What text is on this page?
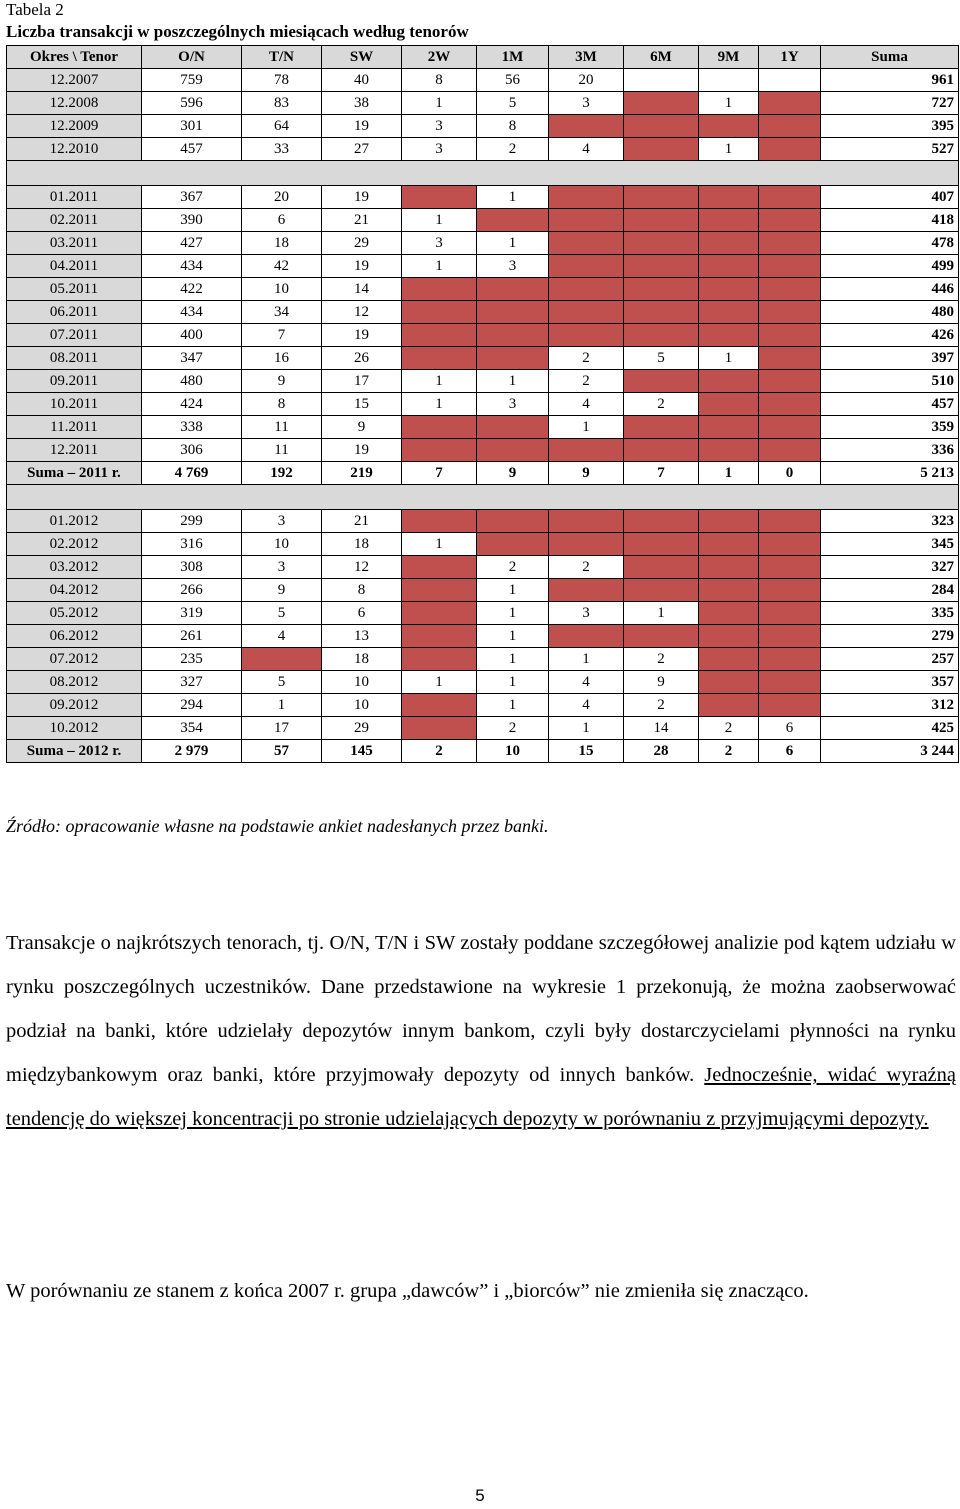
Tabela 2
Liczba transakcji w poszczególnych miesiącach według tenorów
Okres \ Tenor	O/N	T/N	SW	2W	1M	3M	6M	9M	1Y	Suma
12.2007	759	78	40	8	56	20				961
12.2008	596	83	38	1	5	3		1		727
12.2009	301	64	19	3	8					395
12.2010	457	33	27	3	2	4		1		527

01.2011	367	20	19		1					407
02.2011	390	6	21	1						418
03.2011	427	18	29	3	1					478
04.2011	434	42	19	1	3					499
05.2011	422	10	14							446
06.2011	434	34	12							480
07.2011	400	7	19							426
08.2011	347	16	26			2	5	1		397
09.2011	480	9	17	1	1	2				510
10.2011	424	8	15	1	3	4	2			457
11.2011	338	11	9			1				359
12.2011	306	11	19							336
Suma – 2011 r.	4 769	192	219	7	9	9	7	1	0	5 213

01.2012	299	3	21							323
02.2012	316	10	18	1						345
03.2012	308	3	12		2	2				327
04.2012	266	9	8		1					284
05.2012	319	5	6		1	3	1			335
06.2012	261	4	13		1					279
07.2012	235		18		1	1	2			257
08.2012	327	5	10	1	1	4	9			357
09.2012	294	1	10		1	4	2			312
10.2012	354	17	29		2	1	14	2	6	425
Suma – 2012 r.	2 979	57	145	2	10	15	28	2	6	3 244
Źródło: opracowanie własne na podstawie ankiet nadesłanych przez banki.
Transakcje o najkrótszych tenorach, tj. O/N, T/N i SW zostały poddane szczegółowej analizie pod kątem udziału w rynku poszczególnych uczestników. Dane przedstawione na wykresie 1 przekonują, że można zaobserwować podział na banki, które udzielały depozytów innym bankom, czyli były dostarczycielami płynności na rynku międzybankowym oraz banki, które przyjmowały depozyty od innych banków. Jednocześnie, widać wyraźną tendencję do większej koncentracji po stronie udzielających depozyty w porównaniu z przyjmującymi depozyty.
W porównaniu ze stanem z końca 2007 r. grupa „dawców” i „biorców” nie zmieniła się znacząco.
5
